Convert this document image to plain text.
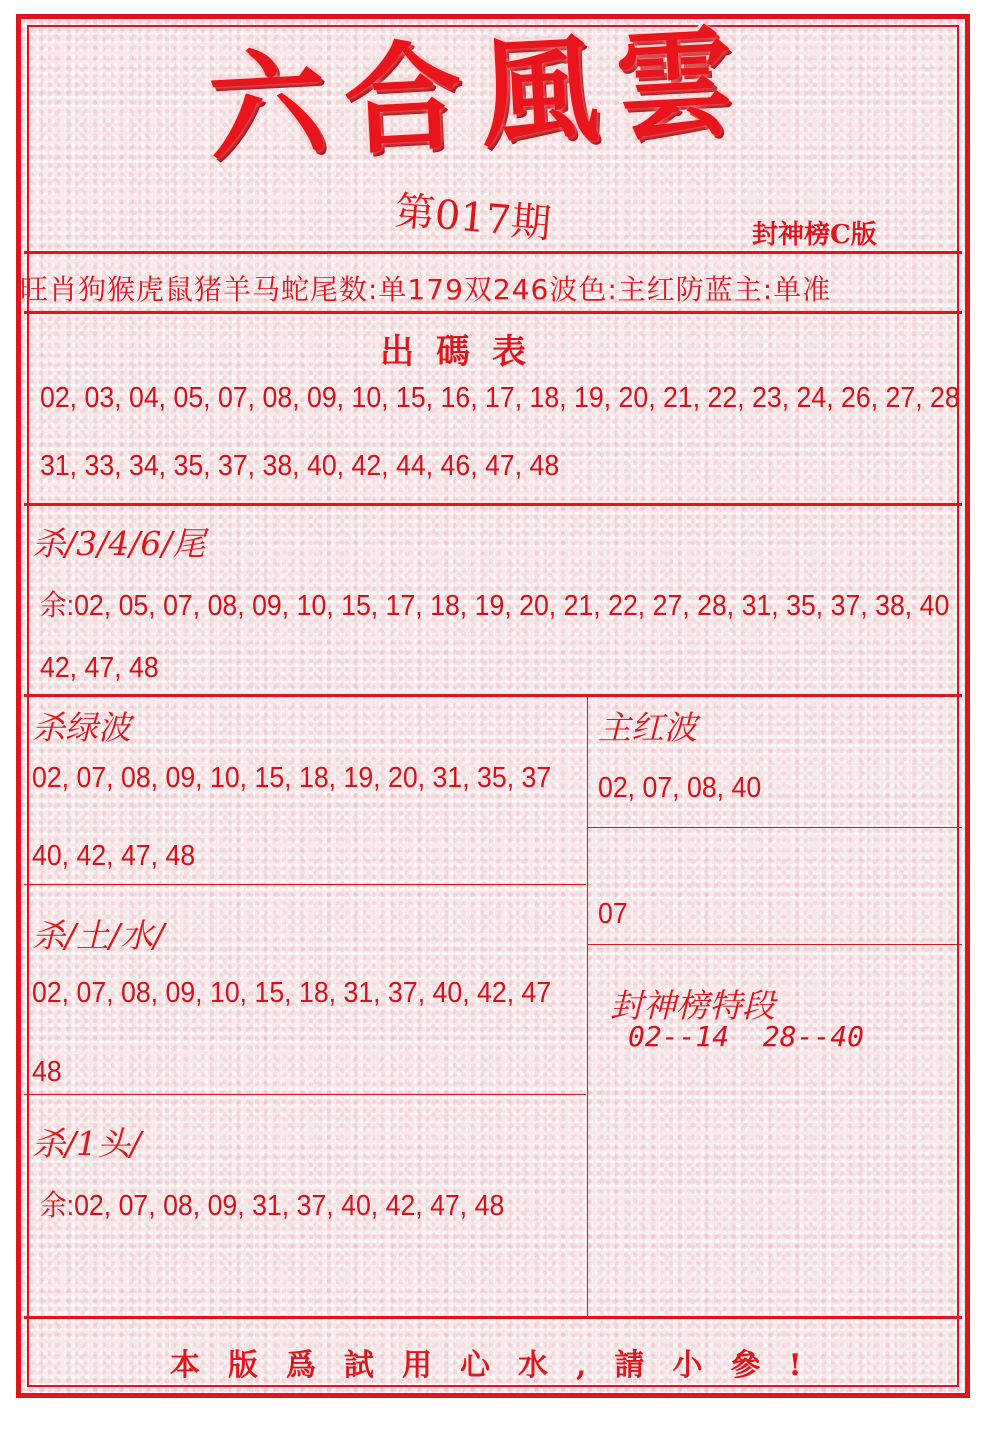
六合風雲
第017期	封神榜C版
旺肖狗猴虎鼠猪羊马蛇尾数:单179双246波色:主红防蓝主:单准
出碼表
02, 03, 04, 05, 07, 08, 09, 10, 15, 16, 17, 18, 19, 20, 21, 22, 23, 24, 26, 27, 28
31, 33, 34, 35, 37, 38, 40, 42, 44, 46, 47, 48
杀/3/4/6/尾
余:02, 05, 07, 08, 09, 10, 15, 17, 18, 19, 20, 21, 22, 27, 28, 31, 35, 37, 38, 40
42, 47, 48
杀绿波
02, 07, 08, 09, 10, 15, 18, 19, 20, 31, 35, 37
40, 42, 47, 48
主红波
02, 07, 08, 40
07
杀/土/水/
02, 07, 08, 09, 10, 15, 18, 31, 37, 40, 42, 47
48
封神榜特段
02--14  28--40
杀/1头/
余:02, 07, 08, 09, 31, 37, 40, 42, 47, 48
本版爲試用心水,請小參!
